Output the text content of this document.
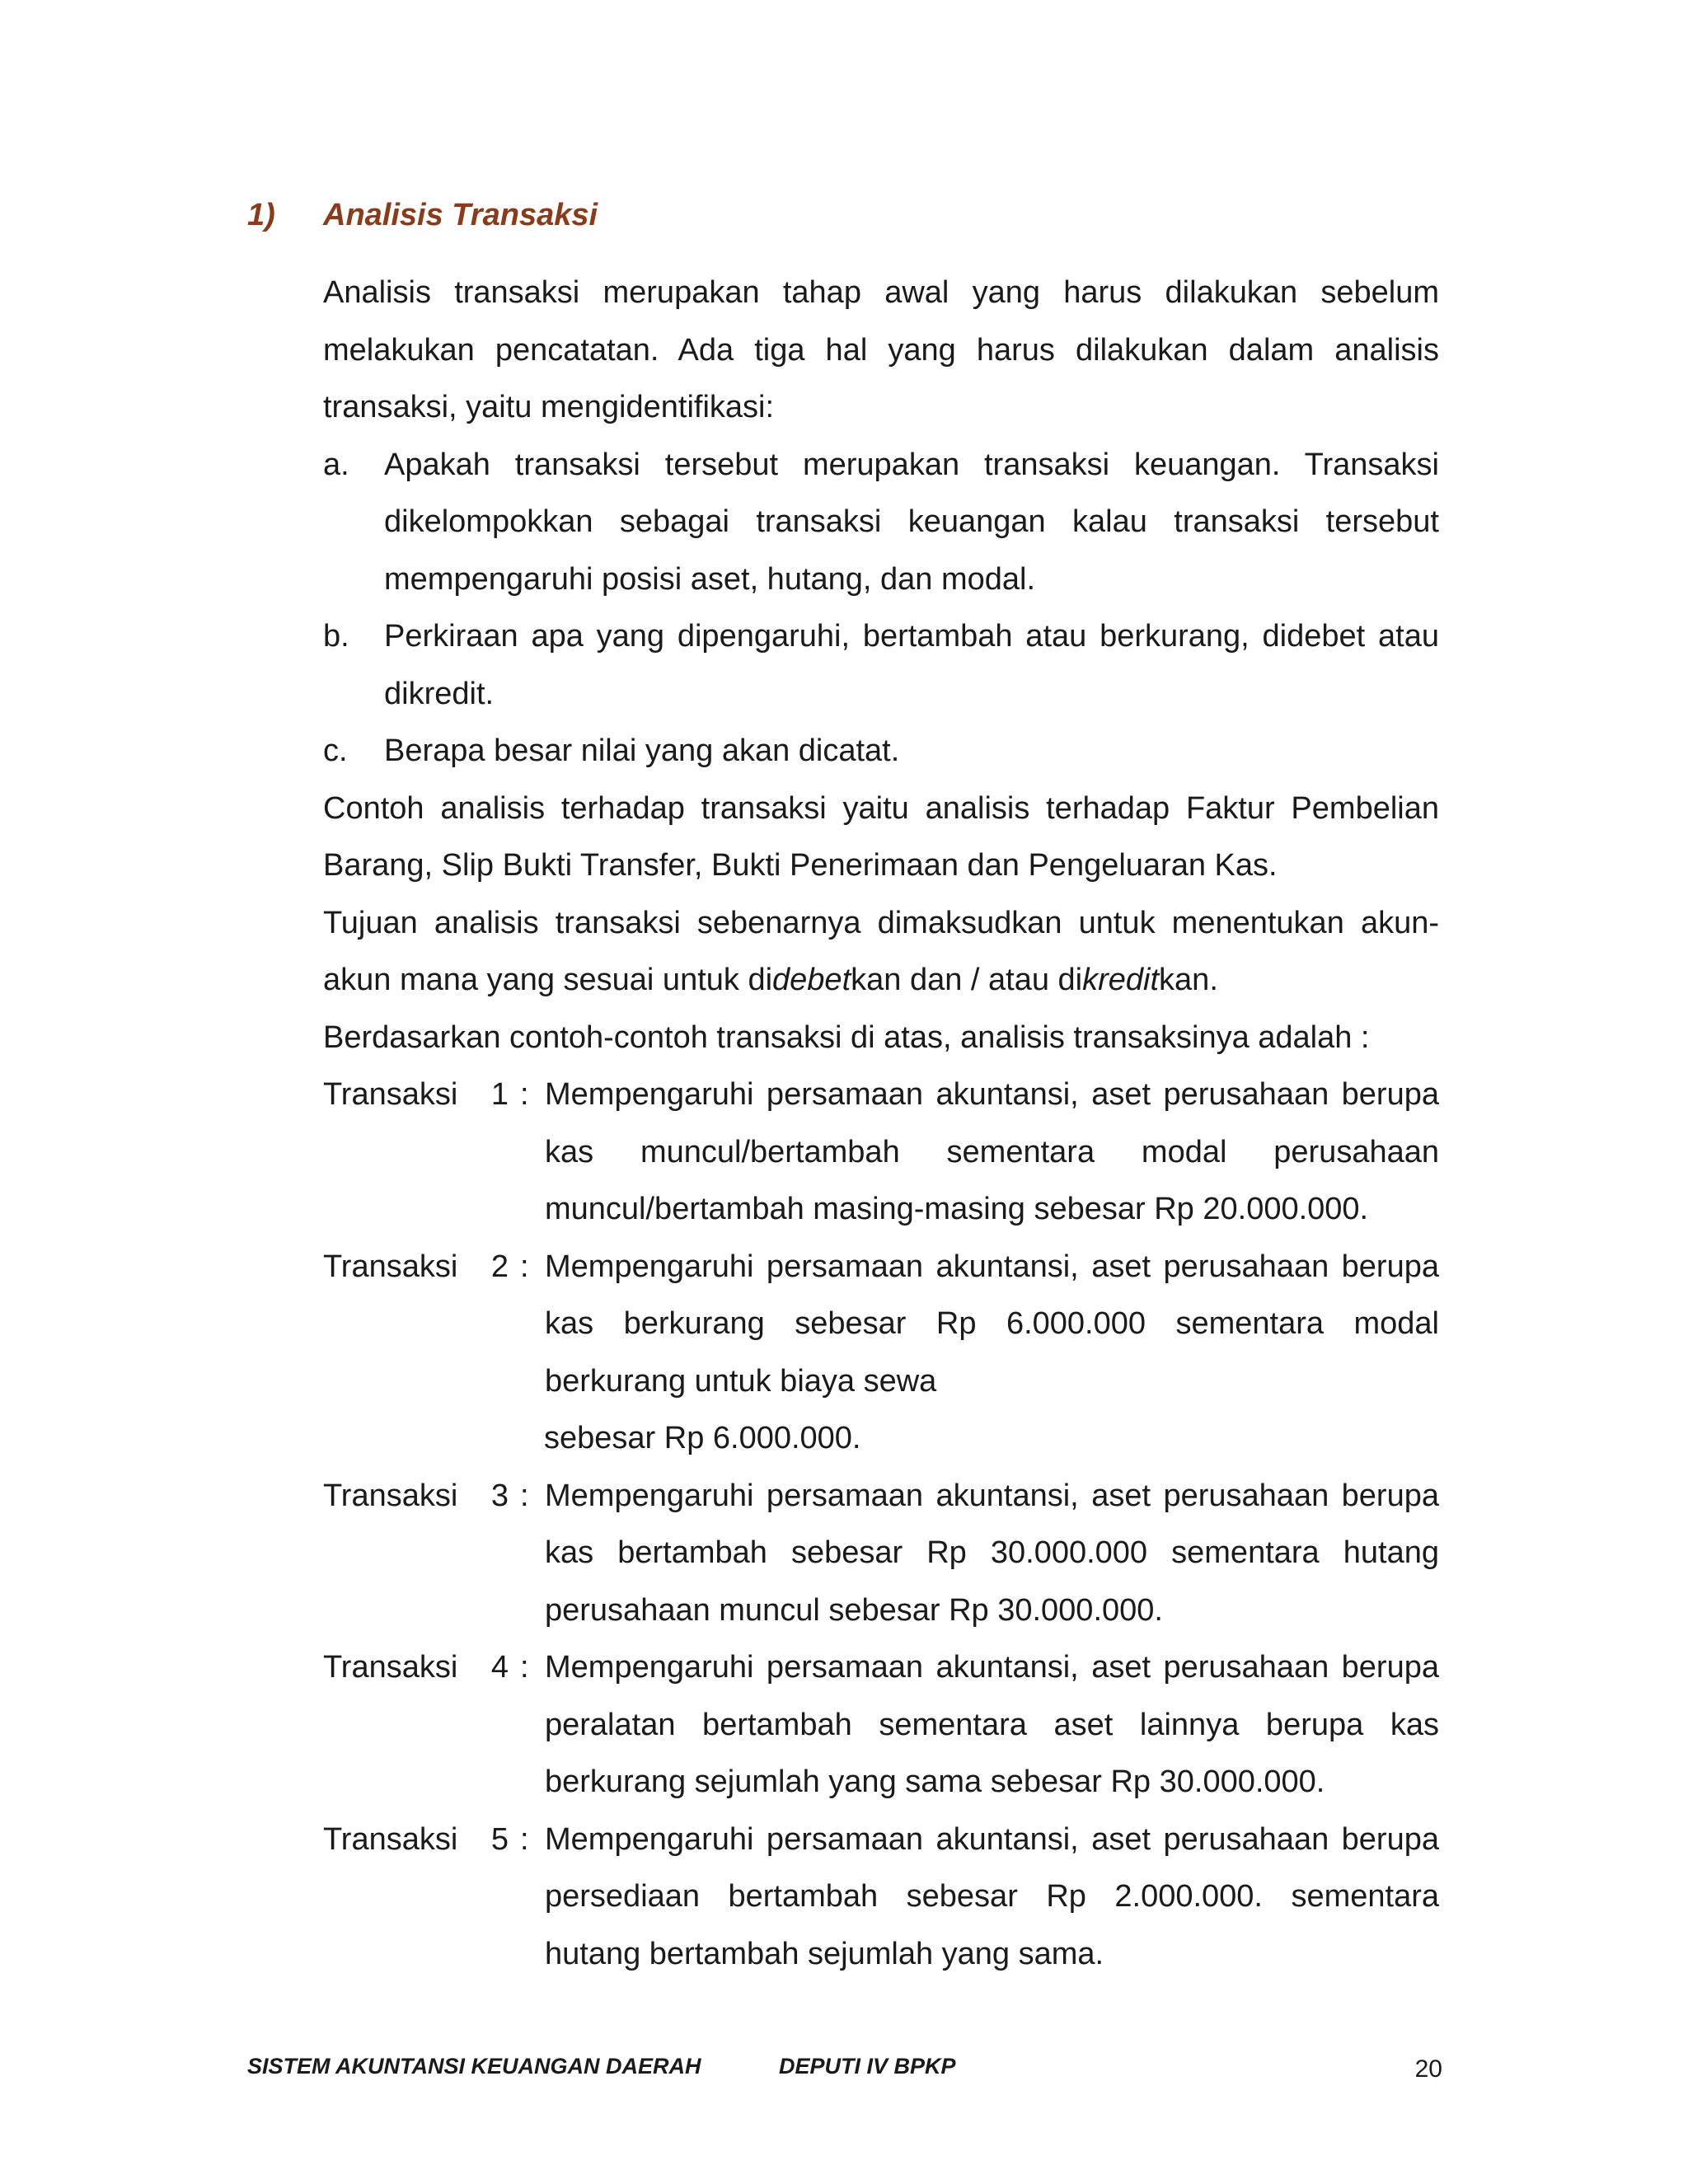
1) Analisis Transaksi

Analisis transaksi merupakan tahap awal yang harus dilakukan sebelum melakukan pencatatan. Ada tiga hal yang harus dilakukan dalam analisis transaksi, yaitu mengidentifikasi:

a.	Apakah transaksi tersebut merupakan transaksi keuangan. Transaksi dikelompokkan sebagai transaksi keuangan kalau transaksi tersebut mempengaruhi posisi aset, hutang, dan modal.
b.	Perkiraan apa yang dipengaruhi, bertambah atau berkurang, didebet atau dikredit.
c.	Berapa besar nilai yang akan dicatat.

Contoh analisis terhadap transaksi yaitu analisis terhadap Faktur Pembelian Barang, Slip Bukti Transfer, Bukti Penerimaan dan Pengeluaran Kas.

Tujuan analisis transaksi sebenarnya dimaksudkan untuk menentukan akun-akun mana yang sesuai untuk didebetkan dan / atau dikreditkan.

Berdasarkan contoh-contoh transaksi di atas, analisis transaksinya adalah :

Transaksi 1 : Mempengaruhi persamaan akuntansi, aset perusahaan berupa kas muncul/bertambah sementara modal perusahaan muncul/bertambah masing-masing sebesar Rp 20.000.000.
Transaksi 2 : Mempengaruhi persamaan akuntansi, aset perusahaan berupa kas berkurang sebesar Rp 6.000.000 sementara modal berkurang untuk biaya sewa
sebesar Rp 6.000.000.
Transaksi 3 : Mempengaruhi persamaan akuntansi, aset perusahaan berupa kas bertambah sebesar Rp 30.000.000 sementara hutang perusahaan muncul sebesar Rp 30.000.000.
Transaksi 4 : Mempengaruhi persamaan akuntansi, aset perusahaan berupa peralatan bertambah sementara aset lainnya berupa kas berkurang sejumlah yang sama sebesar Rp 30.000.000.
Transaksi 5 : Mempengaruhi persamaan akuntansi, aset perusahaan berupa persediaan bertambah sebesar Rp 2.000.000. sementara hutang bertambah sejumlah yang sama.
SISTEM AKUNTANSI KEUANGAN DAERAH	DEPUTI IV BPKP	20
